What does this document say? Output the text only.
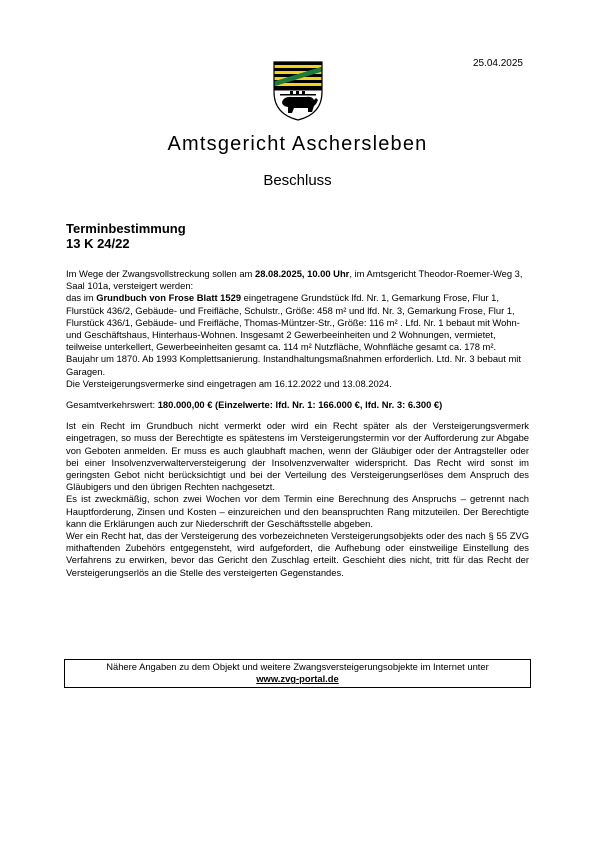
25.04.2025
Amtsgericht Aschersleben
Beschluss
Terminbestimmung
13 K 24/22

Im Wege der Zwangsvollstreckung sollen am 28.08.2025, 10.00 Uhr, im Amtsgericht Theodor-Roemer-Weg 3, Saal 101a, versteigert werden:

das im Grundbuch von Frose Blatt 1529 eingetragene Grundstück lfd. Nr. 1, Gemarkung Frose, Flur 1, Flurstück 436/2, Gebäude- und Freifläche, Schulstr., Größe: 458 m² und lfd. Nr. 3, Gemarkung Frose, Flur 1, Flurstück 436/1, Gebäude- und Freifläche, Thomas-Müntzer-Str., Größe: 116 m² . Lfd. Nr. 1 bebaut mit Wohn- und Geschäftshaus, Hinterhaus-Wohnen. Insgesamt 2 Gewerbeeinheiten und 2 Wohnungen, vermietet, teilweise unterkellert, Gewerbeeinheiten gesamt ca. 114 m² Nutzfläche, Wohnfläche gesamt ca. 178 m². Baujahr um 1870. Ab 1993 Komplettsanierung. Instandhaltungsmaßnahmen erforderlich. Ltd. Nr. 3 bebaut mit Garagen.

Die Versteigerungsvermerke sind eingetragen am 16.12.2022 und 13.08.2024.

Gesamtverkehrswert: 180.000,00 € (Einzelwerte: lfd. Nr. 1: 166.000 €, lfd. Nr. 3: 6.300 €)

Ist ein Recht im Grundbuch nicht vermerkt oder wird ein Recht später als der Versteigerungsvermerk eingetragen, so muss der Berechtigte es spätestens im Versteigerungstermin vor der Aufforderung zur Abgabe von Geboten anmelden. Er muss es auch glaubhaft machen, wenn der Gläubiger oder der Antragsteller oder bei einer Insolvenzverwalterversteigerung der Insolvenzverwalter widerspricht. Das Recht wird sonst im geringsten Gebot nicht berücksichtigt und bei der Verteilung des Versteigerungserlöses dem Anspruch des Gläubigers und den übrigen Rechten nachgesetzt.

Es ist zweckmäßig, schon zwei Wochen vor dem Termin eine Berechnung des Anspruchs – getrennt nach Hauptforderung, Zinsen und Kosten – einzureichen und den beanspruchten Rang mitzuteilen. Der Berechtigte kann die Erklärungen auch zur Niederschrift der Geschäftsstelle abgeben.

Wer ein Recht hat, das der Versteigerung des vorbezeichneten Versteigerungsobjekts oder des nach § 55 ZVG mithaftenden Zubehörs entgegensteht, wird aufgefordert, die Aufhebung oder einstweilige Einstellung des Verfahrens zu erwirken, bevor das Gericht den Zuschlag erteilt. Geschieht dies nicht, tritt für das Recht der Versteigerungserlös an die Stelle des versteigerten Gegenstandes.

Nähere Angaben zu dem Objekt und weitere Zwangsversteigerungsobjekte im Internet unter
www.zvg-portal.de
